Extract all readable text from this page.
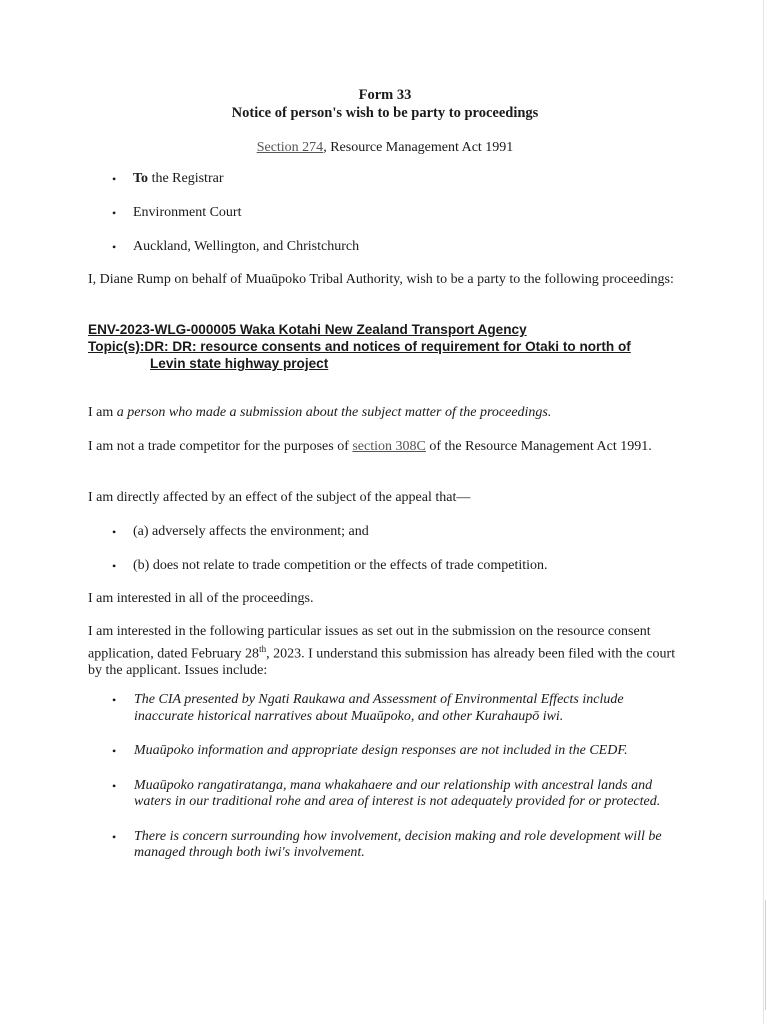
Form 33
Notice of person's wish to be party to proceedings
Section 274, Resource Management Act 1991
• To the Registrar
• Environment Court
• Auckland, Wellington, and Christchurch
I, Diane Rump on behalf of Muaūpoko Tribal Authority, wish to be a party to the following proceedings:
ENV-2023-WLG-000005 Waka Kotahi New Zealand Transport Agency
Topic(s):DR: DR: resource consents and notices of requirement for Otaki to north of
Levin state highway project
I am a person who made a submission about the subject matter of the proceedings.
I am not a trade competitor for the purposes of section 308C of the Resource Management Act 1991.
I am directly affected by an effect of the subject of the appeal that—
• (a) adversely affects the environment; and
• (b) does not relate to trade competition or the effects of trade competition.
I am interested in all of the proceedings.
I am interested in the following particular issues as set out in the submission on the resource consent application, dated February 28th, 2023. I understand this submission has already been filed with the court by the applicant. Issues include:
• The CIA presented by Ngati Raukawa and Assessment of Environmental Effects include inaccurate historical narratives about Muaūpoko, and other Kurahaupō iwi.
• Muaūpoko information and appropriate design responses are not included in the CEDF.
• Muaūpoko rangatiratanga, mana whakahaere and our relationship with ancestral lands and waters in our traditional rohe and area of interest is not adequately provided for or protected.
• There is concern surrounding how involvement, decision making and role development will be managed through both iwi's involvement.
